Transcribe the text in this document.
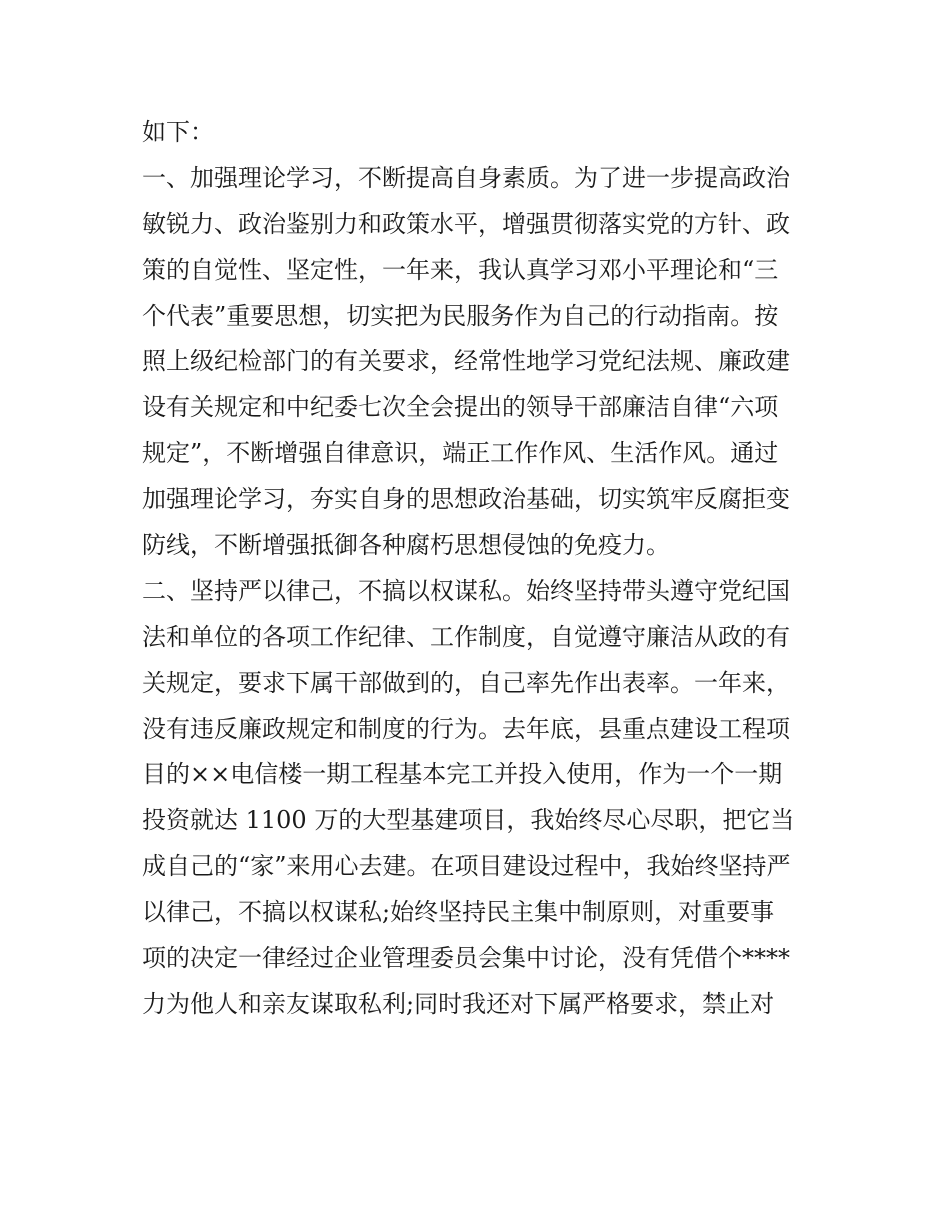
如下：
一、加强理论学习，不断提高自身素质。为了进一步提高政治
敏锐力、政治鉴别力和政策水平，增强贯彻落实党的方针、政
策的自觉性、坚定性，一年来，我认真学习邓小平理论和“三
个代表”重要思想，切实把为民服务作为自己的行动指南。按
照上级纪检部门的有关要求，经常性地学习党纪法规、廉政建
设有关规定和中纪委七次全会提出的领导干部廉洁自律“六项
规定”，不断增强自律意识，端正工作作风、生活作风。通过
加强理论学习，夯实自身的思想政治基础，切实筑牢反腐拒变
防线，不断增强抵御各种腐朽思想侵蚀的免疫力。
二、坚持严以律己，不搞以权谋私。始终坚持带头遵守党纪国
法和单位的各项工作纪律、工作制度，自觉遵守廉洁从政的有
关规定，要求下属干部做到的，自己率先作出表率。一年来，
没有违反廉政规定和制度的行为。去年底，县重点建设工程项
目的××电信楼一期工程基本完工并投入使用，作为一个一期
投资就达 1100 万的大型基建项目，我始终尽心尽职，把它当
成自己的“家”来用心去建。在项目建设过程中，我始终坚持严
以律己，不搞以权谋私;始终坚持民主集中制原则，对重要事
项的决定一律经过企业管理委员会集中讨论，没有凭借个****
力为他人和亲友谋取私利;同时我还对下属严格要求，禁止对
